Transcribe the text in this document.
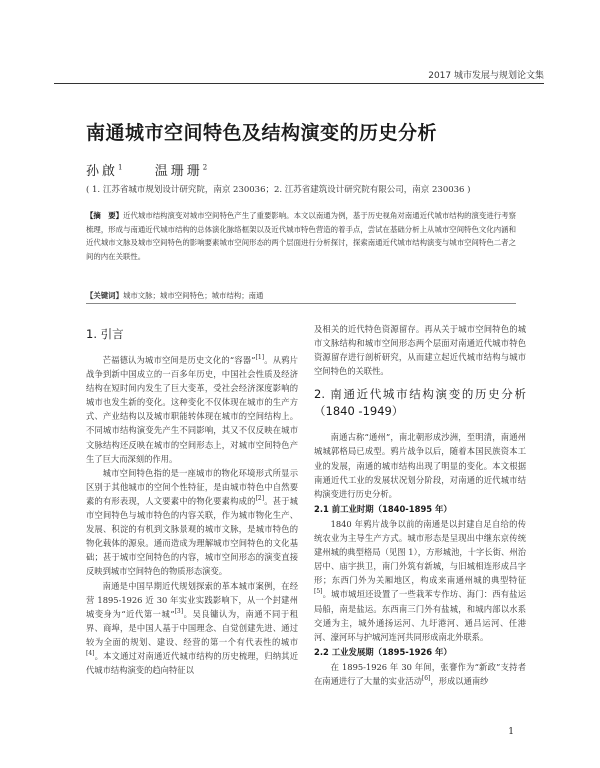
2017 城市发展与规划论文集
南通城市空间特色及结构演变的历史分析
孙啟$^1$ 温珊珊$^2$
( 1. 江苏省城市规划设计研究院，南京 230036；2. 江苏省建筑设计研究院有限公司，南京 230036 )
【摘　要】近代城市结构演变对城市空间特色产生了重要影响。本文以南通为例，基于历史视角对南通近代城市结构的演变进行考察梳理，形成与南通近代城市结构的总体演化脉络框架以及近代城市特色营造的着手点，尝试在基础分析上从城市空间特色文化内涵和近代城市文脉及城市空间特色的影响要素城市空间形态的两个层面进行分析探讨，探索南通近代城市结构演变与城市空间特色二者之间的内在关联性。
【关键词】城市文脉；城市空间特色；城市结构；南通
1. 引言

芒福德认为城市空间是历史文化的“容器”[1]。从鸦片战争到新中国成立的一百多年历史，中国社会性质及经济结构在短时间内发生了巨大变革，受社会经济深度影响的城市也发生新的变化。这种变化不仅体现在城市的生产方式、产业结构以及城市职能转体现在城市的空间结构上。不同城市结构演变先产生不同影响，其又不仅反映在城市文脉结构还反映在城市的空间形态上，对城市空间特色产生了巨大而深刻的作用。

城市空间特色指的是一座城市的物化环境形式所显示区别于其他城市的空间个性特征，是由城市特色中自然要素的有形表现，人文要素中的物化要素构成的[2]。甚于城市空间特色与城市特色的内容关联，作为城市物化生产、发展、积淀的有机到文脉景观的城市文脉，是城市特色的物化载体的源泉。通而造成为理解城市空间特色的文化基础；甚于城市空间特色的内容，城市空间形态的演变直接反映到城市空间特色的物质形态演变。

南通是中国早期近代规划探索的革本城市案例，在经营 1895-1926 近 30 年实业实践影响下，从一个封建州城变身为“近代第一城”[3]。吴良镛认为，南通不同于租界、商埠，是中国人基于中国理念、自觉创建先进、通过较为全面的规划、建设、经营的第一个有代表性的城市[4]。本文通过对南通近代城市结构的历史梳理，归纳其近代城市结构演变的趋向特征以

及相关的近代特色资源留存。再从关于城市空间特色的城市文脉结构和城市空间形态两个层面对南通近代城市特色资源留存进行剖析研究，从而建立起近代城市结构与城市空间特色的关联性。

2. 南通近代城市结构演变的历史分析（1840 -1949）

南通古称“通州”，南北朝形成沙洲，至明清，南通州城城郭格局已成型。鸦片战争以后，随着本国民族资本工业的发展，南通的城市结构出现了明显的变化。本文根据南通近代工业的发展状况划分阶段，对南通的近代城市结构演变进行历史分析。

2.1 前工业时期（1840-1895 年）

1840 年鸦片战争以前的南通是以封建自足自给的传统农业为主导生产方式。城市形态是呈现出中继东京传统建州城的典型格局（见图 1），方形城池，十字长街、州治居中、庙宇拱卫，南门外筑有新城，与旧城相连形成吕字形；东西门外为关厢地区，构成来南通州城的典型特征[5]。城市城垣还设置了一些栽苯专作坊、海门：西有盐运局船，南是盐运。东西南三门外有盐城，和城内部以水系交通为主，城外通扬运河、九圩港河、通吕运河、任港河、濠河环与护城河连河共同形成南北外联系。

2.2 工业发展期（1895-1926 年）

在 1895-1926 年 30 年间，张謇作为“新政”支持者在南通进行了大量的实业活动[6]，形成以通南纱

1
